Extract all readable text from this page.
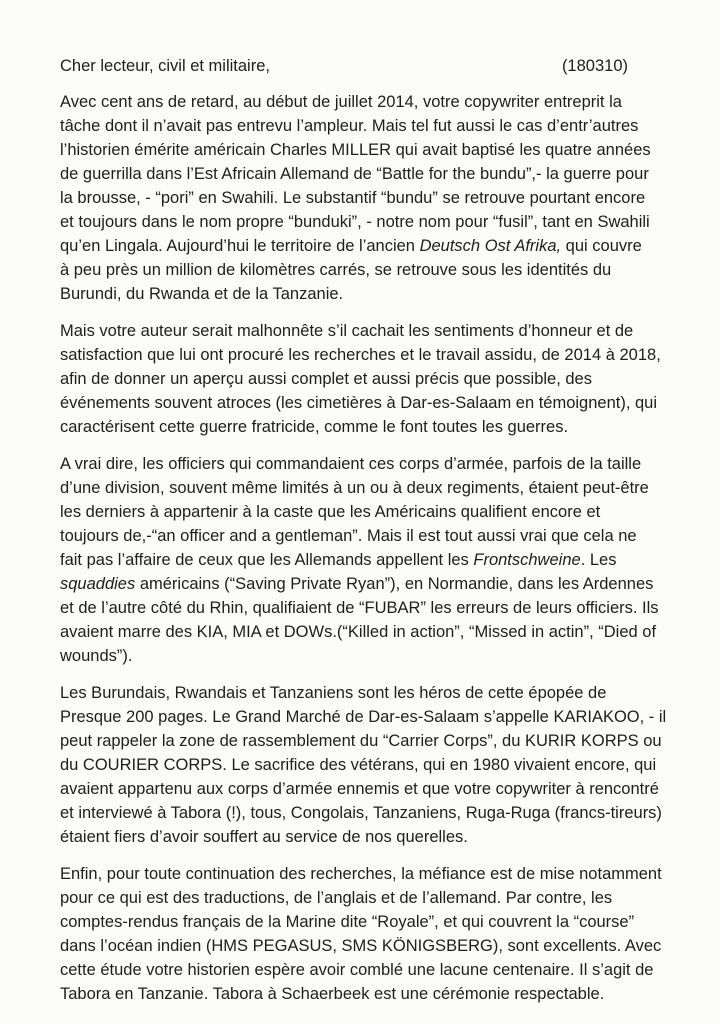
Cher lecteur, civil et militaire,	(180310)
Avec cent ans de retard, au début de juillet 2014, votre copywriter entreprit la
tâche dont il n’avait pas entrevu l’ampleur. Mais tel fut aussi le cas d’entr’autres
l’historien émérite américain Charles MILLER qui avait baptisé les quatre années
de guerrilla dans l’Est Africain Allemand de “Battle for the bundu”,- la guerre pour
la brousse, - “pori” en Swahili. Le substantif “bundu” se retrouve pourtant encore
et toujours dans le nom propre “bunduki”, - notre nom pour “fusil”, tant en Swahili
qu’en Lingala. Aujourd’hui le territoire de l’ancien Deutsch Ost Afrika, qui couvre
à peu près un million de kilomètres carrés, se retrouve sous les identités du
Burundi, du Rwanda et de la Tanzanie.
Mais votre auteur serait malhonnête s’il cachait les sentiments d’honneur et de
satisfaction que lui ont procuré les recherches et le travail assidu, de 2014 à 2018,
afin de donner un aperçu aussi complet et aussi précis que possible, des
événements souvent atroces (les cimetières à Dar-es-Salaam en témoignent), qui
caractérisent cette guerre fratricide, comme le font toutes les guerres.
A vrai dire, les officiers qui commandaient ces corps d’armée, parfois de la taille
d’une division, souvent même limités à un ou à deux regiments, étaient peut-être
les derniers à appartenir à la caste que les Américains qualifient encore et
toujours de,-“an officer and a gentleman”. Mais il est tout aussi vrai que cela ne
fait pas l’affaire de ceux que les Allemands appellent les Frontschweine. Les
squaddies américains (“Saving Private Ryan”), en Normandie, dans les Ardennes
et de l’autre côté du Rhin, qualifiaient de “FUBAR” les erreurs de leurs officiers. Ils
avaient marre des KIA, MIA et DOWs.(“Killed in action”, “Missed in actin”, “Died of
wounds”).
Les Burundais, Rwandais et Tanzaniens sont les héros de cette épopée de
Presque 200 pages. Le Grand Marché de Dar-es-Salaam s’appelle KARIAKOO, - il
peut rappeler la zone de rassemblement du “Carrier Corps”, du KURIR KORPS ou
du COURIER CORPS. Le sacrifice des vétérans, qui en 1980 vivaient encore, qui
avaient appartenu aux corps d’armée ennemis et que votre copywriter à rencontré
et interviewé à Tabora (!), tous, Congolais, Tanzaniens, Ruga-Ruga (francs-tireurs)
étaient fiers d’avoir souffert au service de nos querelles.
Enfin, pour toute continuation des recherches, la méfiance est de mise notamment
pour ce qui est des traductions, de l’anglais et de l’allemand. Par contre, les
comptes-rendus français de la Marine dite “Royale”, et qui couvrent la “course”
dans l’océan indien (HMS PEGASUS, SMS KÖNIGSBERG), sont excellents. Avec
cette étude votre historien espère avoir comblé une lacune centenaire. Il s’agit de
Tabora en Tanzanie. Tabora à Schaerbeek est une cérémonie respectable.
